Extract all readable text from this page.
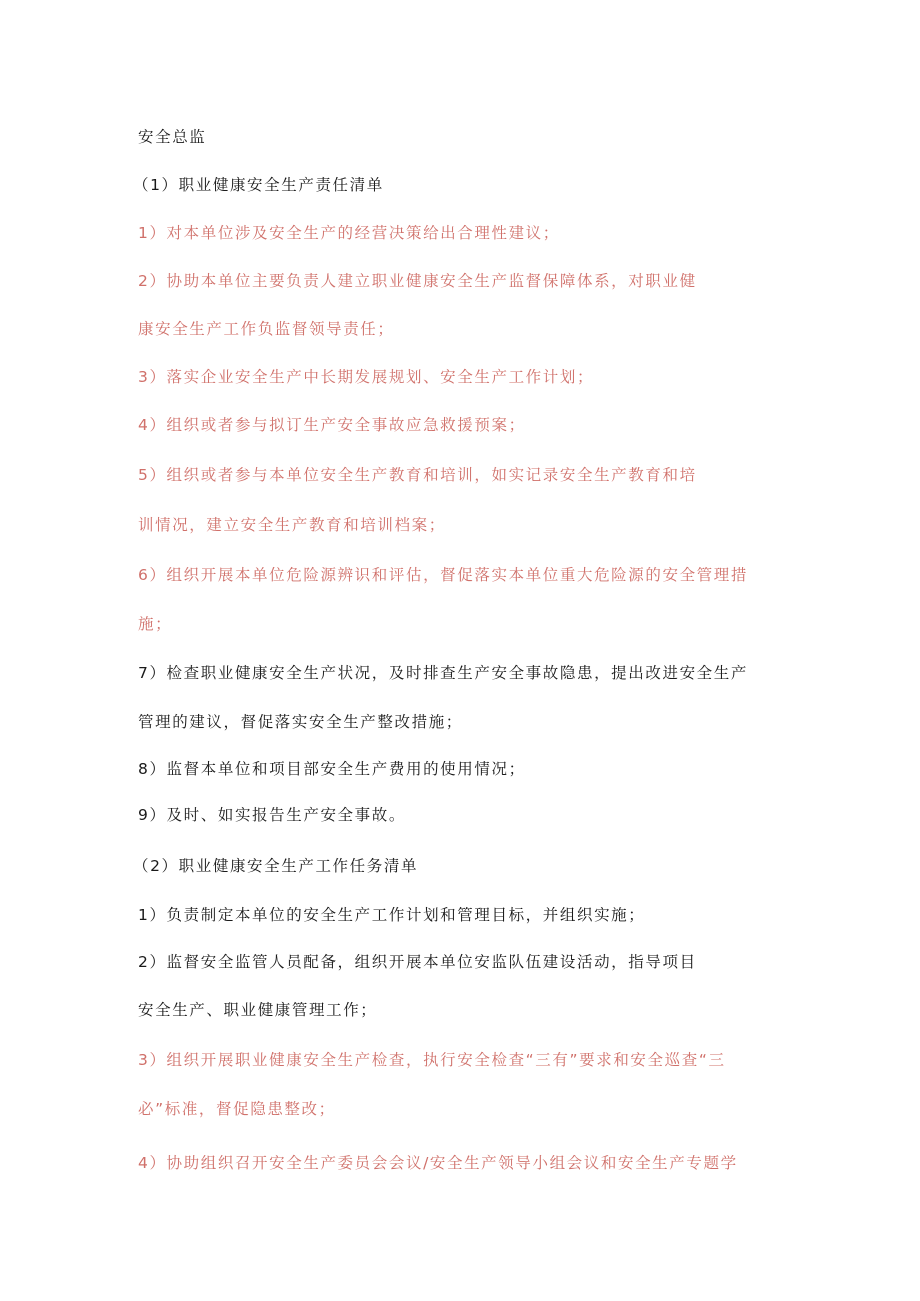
安全总监
（1）职业健康安全生产责任清单
1）对本单位涉及安全生产的经营决策给出合理性建议；
2）协助本单位主要负责人建立职业健康安全生产监督保障体系，对职业健
康安全生产工作负监督领导责任；
3）落实企业安全生产中长期发展规划、安全生产工作计划；
4）组织或者参与拟订生产安全事故应急救援预案；
5）组织或者参与本单位安全生产教育和培训，如实记录安全生产教育和培
训情况，建立安全生产教育和培训档案；
6）组织开展本单位危险源辨识和评估，督促落实本单位重大危险源的安全管理措
施；
7）检查职业健康安全生产状况，及时排查生产安全事故隐患，提出改进安全生产
管理的建议，督促落实安全生产整改措施；
8）监督本单位和项目部安全生产费用的使用情况；
9）及时、如实报告生产安全事故。
（2）职业健康安全生产工作任务清单
1）负责制定本单位的安全生产工作计划和管理目标，并组织实施；
2）监督安全监管人员配备，组织开展本单位安监队伍建设活动，指导项目
安全生产、职业健康管理工作；
3）组织开展职业健康安全生产检查，执行安全检查“三有”要求和安全巡查“三
必”标准，督促隐患整改；
4）协助组织召开安全生产委员会会议/安全生产领导小组会议和安全生产专题学
